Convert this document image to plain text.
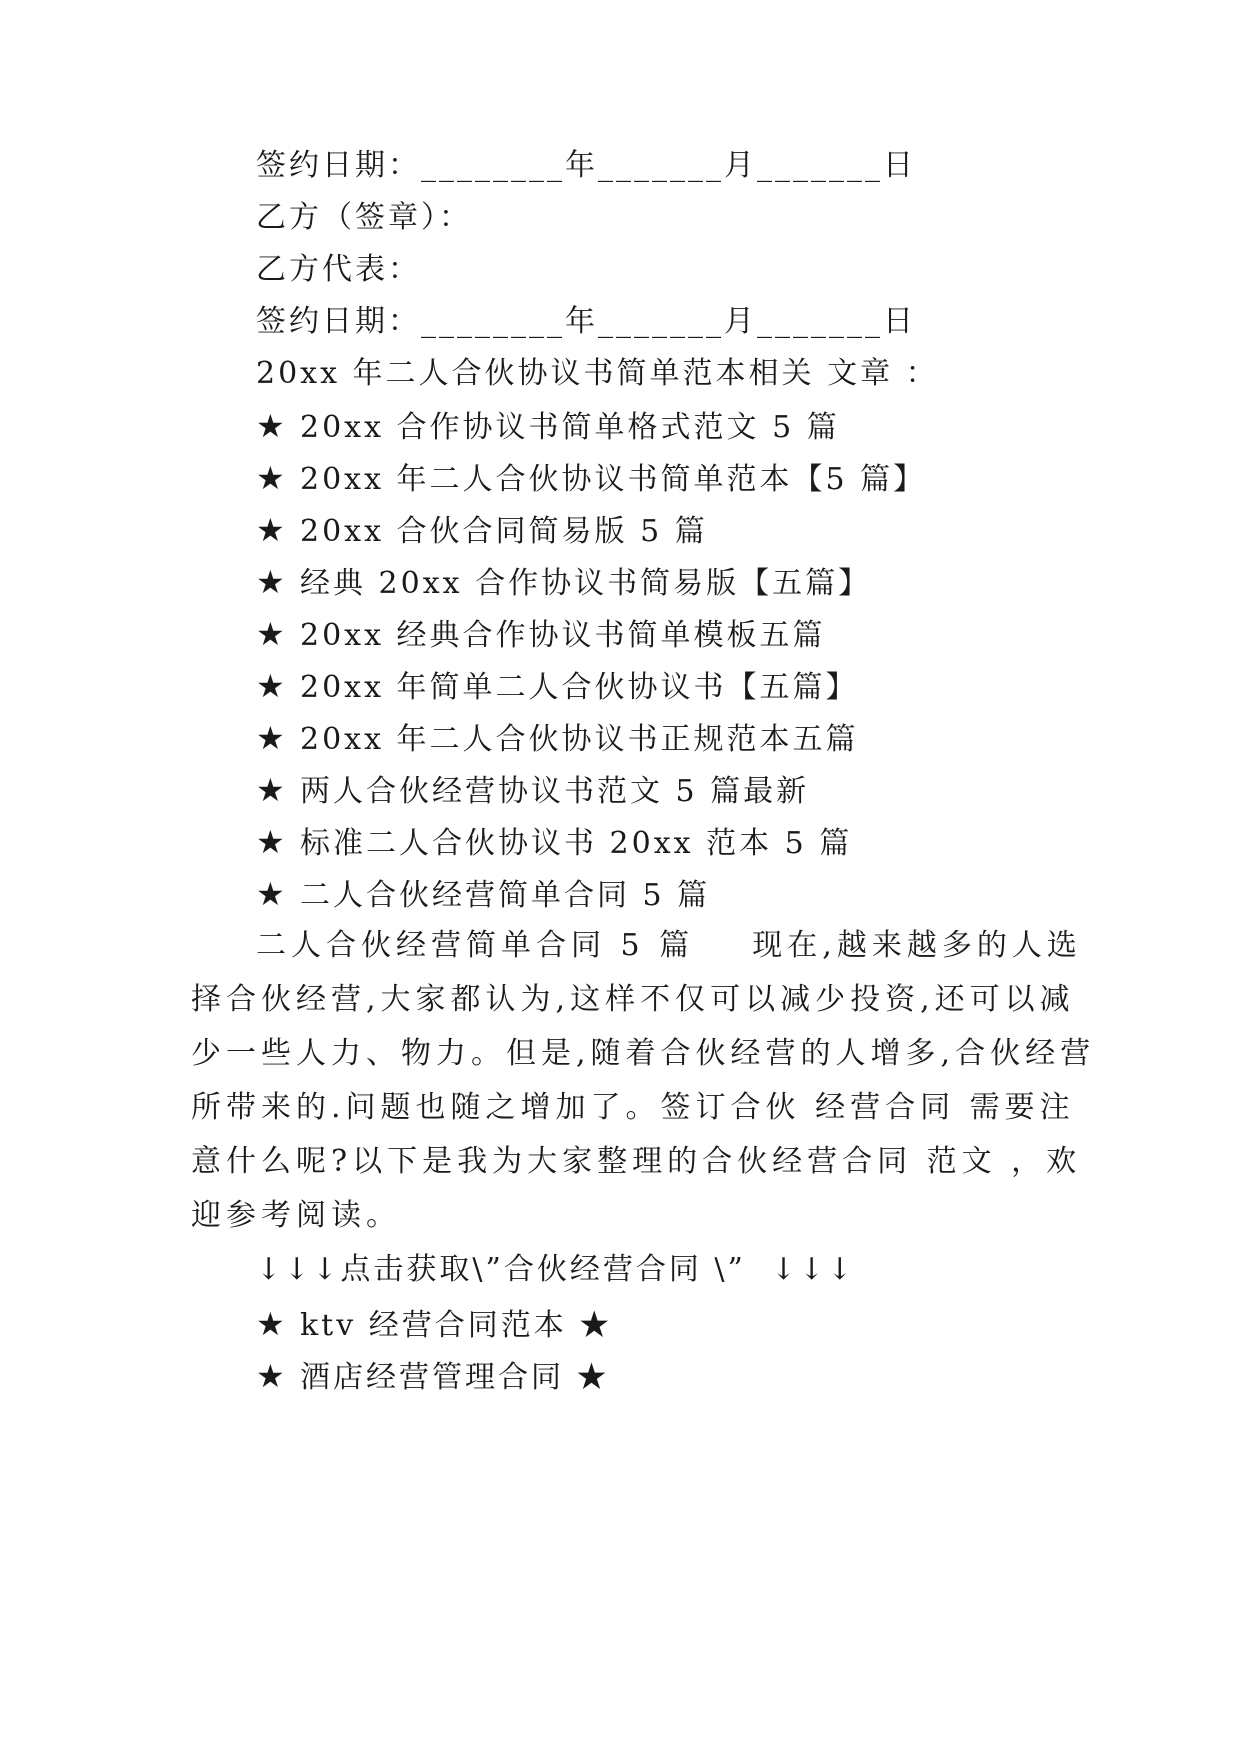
签约日期：________年_______月_______日
乙方（签章）：
乙方代表：
签约日期：________年_______月_______日
20xx 年二人合伙协议书简单范本相关 文章 ：
★ 20xx 合作协议书简单格式范文 5 篇
★ 20xx 年二人合伙协议书简单范本【5 篇】
★ 20xx 合伙合同简易版 5 篇
★ 经典 20xx 合作协议书简易版【五篇】
★ 20xx 经典合作协议书简单模板五篇
★ 20xx 年简单二人合伙协议书【五篇】
★ 20xx 年二人合伙协议书正规范本五篇
★ 两人合伙经营协议书范文 5 篇最新
★ 标准二人合伙协议书 20xx 范本 5 篇
★ 二人合伙经营简单合同 5 篇
二人合伙经营简单合同 5 篇    现在,越来越多的人选
择合伙经营,大家都认为,这样不仅可以减少投资,还可以减
少一些人力、物力。但是,随着合伙经营的人增多,合伙经营
所带来的.问题也随之增加了。签订合伙 经营合同 需要注
意什么呢?以下是我为大家整理的合伙经营合同 范文 ，欢
迎参考阅读。
↓↓↓点击获取\”合伙经营合同 \”  ↓↓↓
★ ktv 经营合同范本 ★
★ 酒店经营管理合同 ★
